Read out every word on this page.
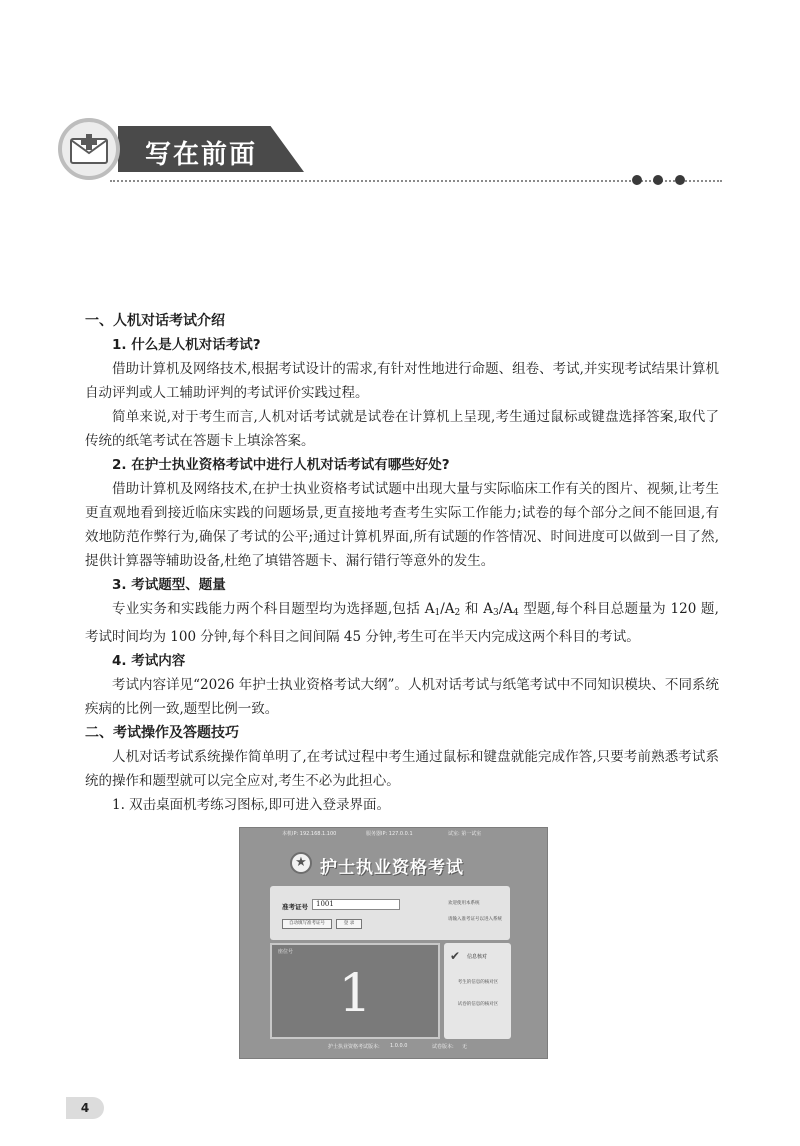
写在前面
一、人机对话考试介绍
1. 什么是人机对话考试?

借助计算机及网络技术,根据考试设计的需求,有针对性地进行命题、组卷、考试,并实现考试结果计算机自动评判或人工辅助评判的考试评价实践过程。

简单来说,对于考生而言,人机对话考试就是试卷在计算机上呈现,考生通过鼠标或键盘选择答案,取代了传统的纸笔考试在答题卡上填涂答案。

2. 在护士执业资格考试中进行人机对话考试有哪些好处?

借助计算机及网络技术,在护士执业资格考试试题中出现大量与实际临床工作有关的图片、视频,让考生更直观地看到接近临床实践的问题场景,更直接地考查考生实际工作能力;试卷的每个部分之间不能回退,有效地防范作弊行为,确保了考试的公平;通过计算机界面,所有试题的作答情况、时间进度可以做到一目了然,提供计算器等辅助设备,杜绝了填错答题卡、漏行错行等意外的发生。

3. 考试题型、题量

专业实务和实践能力两个科目题型均为选择题,包括 $A_1/A_2$ 和 $A_3/A_4$ 型题,每个科目总题量为 120 题,考试时间均为 100 分钟,每个科目之间间隔 45 分钟,考生可在半天内完成这两个科目的考试。

4. 考试内容

考试内容详见“2026 年护士执业资格考试大纲”。人机对话考试与纸笔考试中不同知识模块、不同系统疾病的比例一致,题型比例一致。

二、考试操作及答题技巧

人机对话考试系统操作简单明了,在考试过程中考生通过鼠标和键盘就能完成作答,只要考前熟悉考试系统的操作和题型就可以完全应对,考生不必为此担心。

1. 双击桌面机考练习图标,即可进入登录界面。

本机IP: 192.168.1.100	服务器IP: 127.0.0.1	试室: 第一试室
★ 护士执业资格考试
准考证号	1001
自动填写准考证号	登 录
欢迎使用本系统
请输入准考证号以进入系统
座位号
1
✔ 信息核对
考生的信息的核对区
试卷的信息的核对区
护士执业资格考试版本: 1.0.0.0	试卷版本: 无
4
